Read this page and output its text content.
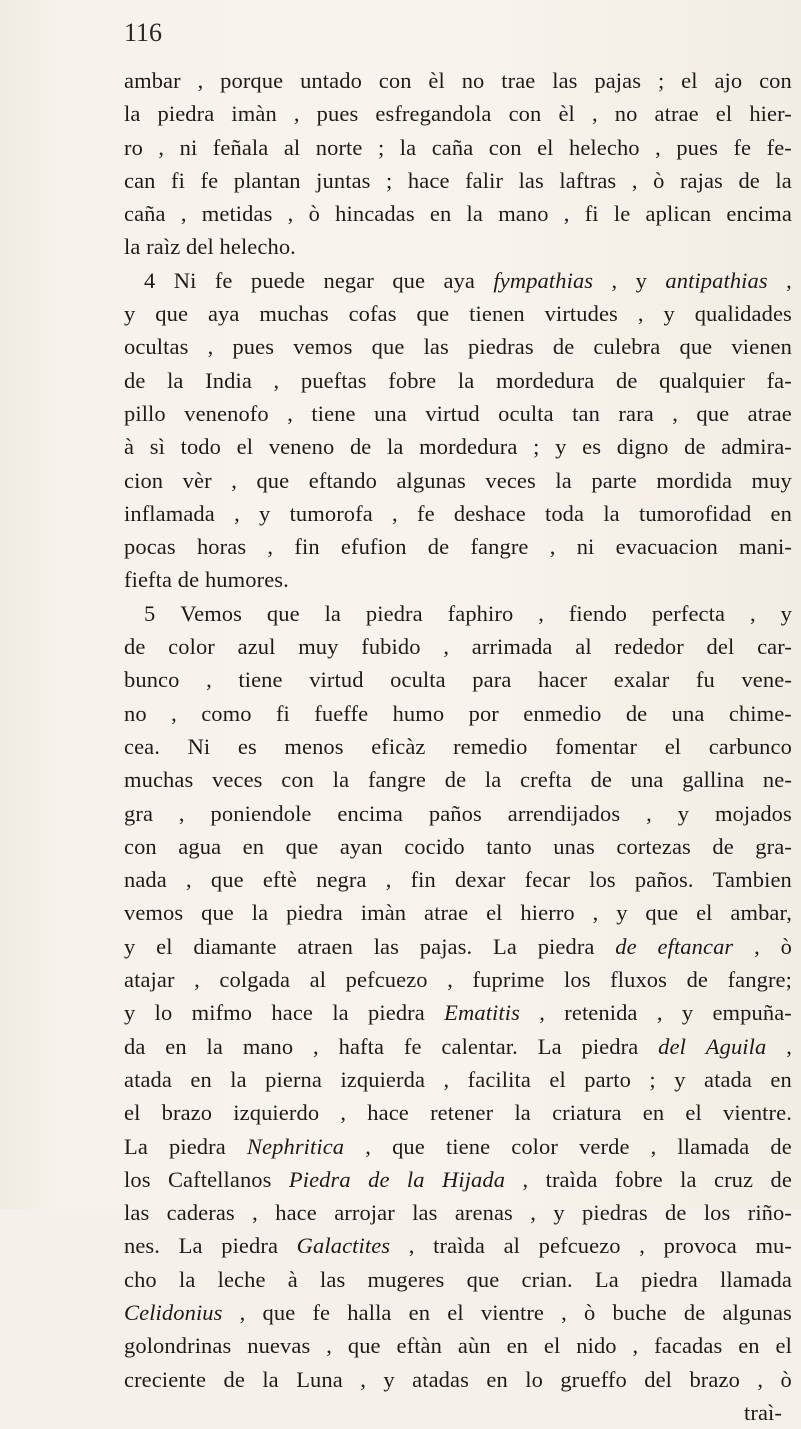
116
ambar , porque untado con èl no trae las pajas ; el ajo con
la piedra imàn , pues esfregandola con èl , no atrae el hier-
ro , ni feñala al norte ; la caña con el helecho , pues fe fe-
can fi fe plantan juntas ; hace falir las laftras , ò rajas de la
caña , metidas , ò hincadas en la mano , fi le aplican encima
la raìz del helecho.
4 Ni fe puede negar que aya fympathias , y antipathias ,
y que aya muchas cofas que tienen virtudes , y qualidades
ocultas , pues vemos que las piedras de culebra que vienen
de la India , pueftas fobre la mordedura de qualquier fa-
pillo venenofo , tiene una virtud oculta tan rara , que atrae
à sì todo el veneno de la mordedura ; y es digno de admira-
cion vèr , que eftando algunas veces la parte mordida muy
inflamada , y tumorofa , fe deshace toda la tumorofidad en
pocas horas , fin efufion de fangre , ni evacuacion mani-
fiefta de humores.
5 Vemos que la piedra faphiro , fiendo perfecta , y
de color azul muy fubido , arrimada al rededor del car-
bunco , tiene virtud oculta para hacer exalar fu vene-
no , como fi fueffe humo por enmedio de una chime-
cea. Ni es menos eficàz remedio fomentar el carbunco
muchas veces con la fangre de la crefta de una gallina ne-
gra , poniendole encima paños arrendijados , y mojados
con agua en que ayan cocido tanto unas cortezas de gra-
nada , que eftè negra , fin dexar fecar los paños. Tambien
vemos que la piedra imàn atrae el hierro , y que el ambar,
y el diamante atraen las pajas. La piedra de eftancar , ò
atajar , colgada al pefcuezo , fuprime los fluxos de fangre;
y lo mifmo hace la piedra Ematitis , retenida , y empuña-
da en la mano , hafta fe calentar. La piedra del Aguila ,
atada en la pierna izquierda , facilita el parto ; y atada en
el brazo izquierdo , hace retener la criatura en el vientre.
La piedra Nephritica , que tiene color verde , llamada de
los Caftellanos Piedra de la Hijada , traìda fobre la cruz de
las caderas , hace arrojar las arenas , y piedras de los riño-
nes. La piedra Galactites , traìda al pefcuezo , provoca mu-
cho la leche à las mugeres que crian. La piedra llamada
Celidonius , que fe halla en el vientre , ò buche de algunas
golondrinas nuevas , que eftàn aùn en el nido , facadas en el
creciente de la Luna , y atadas en lo grueffo del brazo , ò
traì-
